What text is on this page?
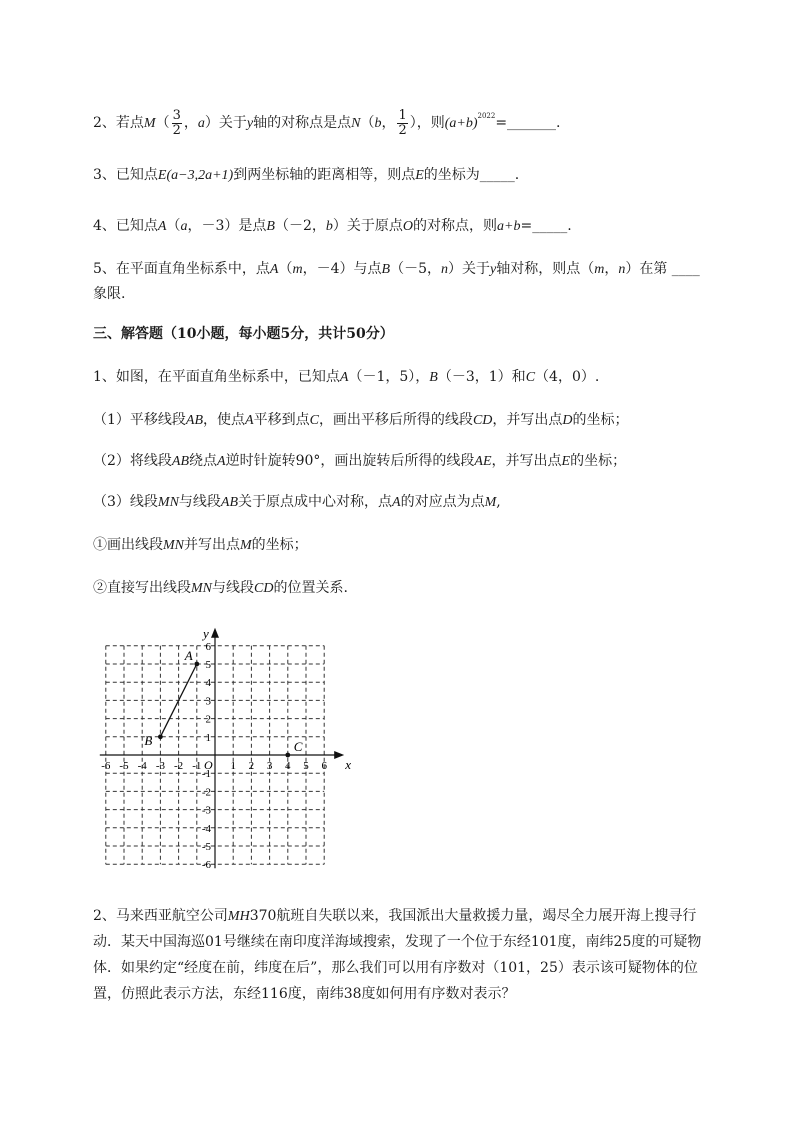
2、若点$M( \frac{3}{2}$ ，a）关于y轴的对称点是点N（b， $\frac{1}{2}$ ），则$(a+b)^{2022}=\_\_\_\_\_\_\_$.
3、已知点E(a−3,2a+1)到两坐标轴的距离相等，则点E的坐标为_____.
4、已知点A（a，－3）是点B（－2，b）关于原点O的对称点，则a+b=_____.
5、在平面直角坐标系中，点A（m，－4）与点B（－5，n）关于y轴对称，则点（m，n）在第 ____
象限.
三、解答题（10小题，每小题5分，共计50分）
1、如图，在平面直角坐标系中，已知点A（－1，5），B（－3，1）和C（4，0）.
（1）平移线段AB，使点A平移到点C，画出平移后所得的线段CD，并写出点D的坐标；
（2）将线段AB绕点A逆时针旋转90°，画出旋转后所得的线段AE，并写出点E的坐标；
（3）线段MN与线段AB关于原点成中心对称，点A的对应点为点M,
①画出线段MN并写出点M的坐标；
②直接写出线段MN与线段CD的位置关系.
x
y
O
-6 -5 -4 -3 -2 -1	1 2 3 4 5 6
6
5
4
3
2
1
-1
-2
-3
-4
-5
-6
A
B	C
2、马来西亚航空公司MH370航班自失联以来，我国派出大量救援力量，竭尽全力展开海上搜寻行
动．某天中国海巡01号继续在南印度洋海域搜索，发现了一个位于东经101度，南纬25度的可疑物
体．如果约定“经度在前，纬度在后”，那么我们可以用有序数对（101，25）表示该可疑物体的位
置，仿照此表示方法，东经116度，南纬38度如何用有序数对表示？
